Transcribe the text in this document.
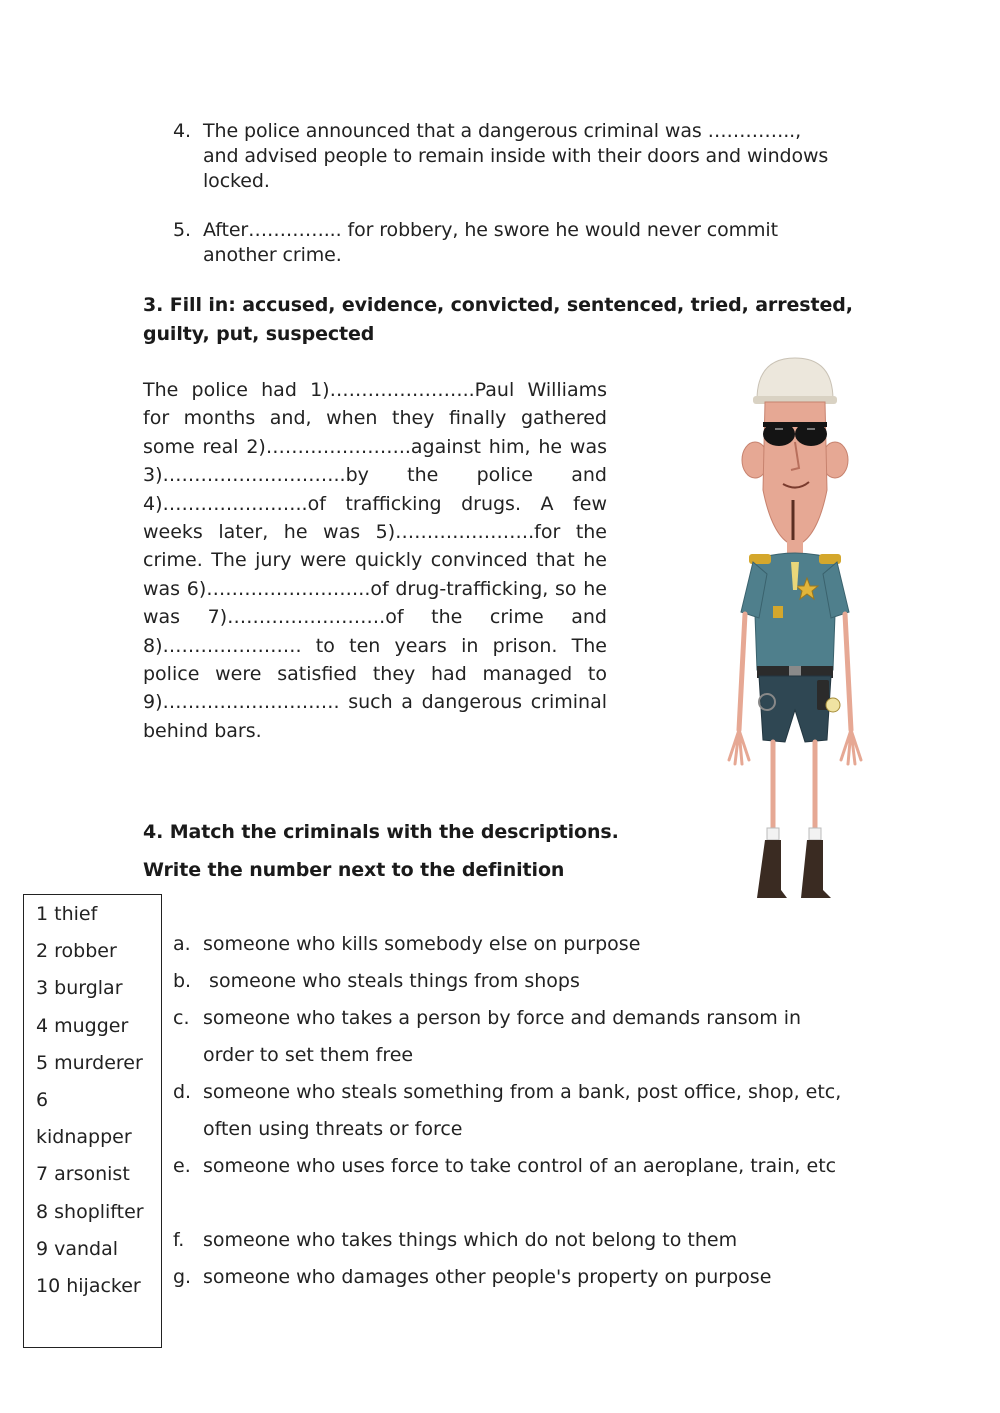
4. The police announced that a dangerous criminal was …………..,
and advised people to remain inside with their doors and windows
locked.
5. After…………... for robbery, he swore he would never commit
another crime.
3. Fill in: accused, evidence, convicted, sentenced, tried, arrested, guilty, put, suspected
The police had 1)…………………..Paul Williams for months and, when they finally gathered some real 2)…………………..against him, he was 3)………………………..by the police and 4)…………………..of trafficking drugs. A few weeks later, he was 5)………………….for the crime. The jury were quickly convinced that he was 6)……………………..of drug-trafficking, so he was 7)…………………….of the crime and 8)…………………. to ten years in prison. The police were satisfied they had managed to 9)………………………. such a dangerous criminal behind bars.
4. Match the criminals with the descriptions.
Write the number next to the definition
1 thief
2 robber
3 burglar
4 mugger
5 murderer
6
kidnapper
7 arsonist
8 shoplifter
9 vandal
10 hijacker
a. someone who kills somebody else on purpose
b. someone who steals things from shops
c. someone who takes a person by force and demands ransom in order to set them free
d. someone who steals something from a bank, post office, shop, etc, often using threats or force
e. someone who uses force to take control of an aeroplane, train, etc
f. someone who takes things which do not belong to them
g. someone who damages other people's property on purpose
